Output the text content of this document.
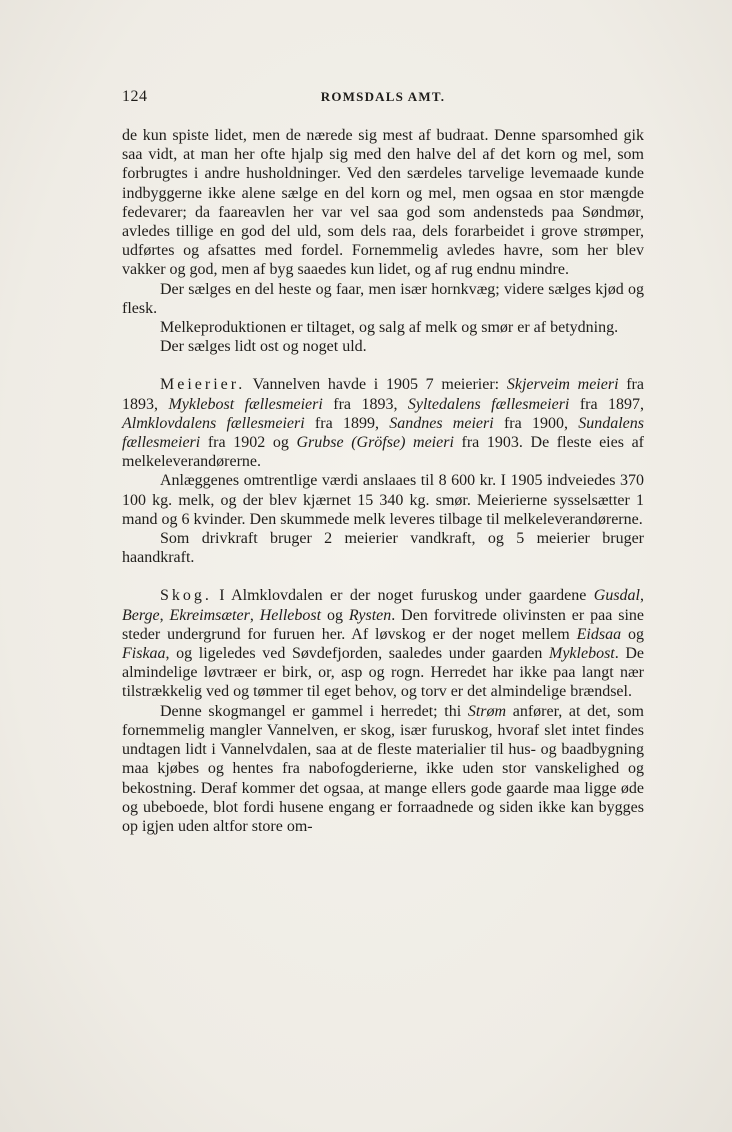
124	ROMSDALS AMT.

de kun spiste lidet, men de nærede sig mest af budraat. Denne sparsomhed gik saa vidt, at man her ofte hjalp sig med den halve del af det korn og mel, som forbrugtes i andre husholdninger. Ved den særdeles tarvelige levemaade kunde indbyggerne ikke alene sælge en del korn og mel, men ogsaa en stor mængde fedevarer; da faareavlen her var vel saa god som andensteds paa Søndmør, avledes tillige en god del uld, som dels raa, dels forarbeidet i grove strømper, udførtes og afsattes med fordel. Fornemmelig avledes havre, som her blev vakker og god, men af byg saaedes kun lidet, og af rug endnu mindre.

Der sælges en del heste og faar, men især hornkvæg; videre sælges kjød og flesk.

Melkeproduktionen er tiltaget, og salg af melk og smør er af betydning.

Der sælges lidt ost og noget uld.

Meierier. Vannelven havde i 1905 7 meierier: Skjerveim meieri fra 1893, Myklebost fællesmeieri fra 1893, Syltedalens fællesmeieri fra 1897, Almklovdalens fællesmeieri fra 1899, Sandnes meieri fra 1900, Sundalens fællesmeieri fra 1902 og Grubse (Gröfse) meieri fra 1903. De fleste eies af melkeleverandørerne.

Anlæggenes omtrentlige værdi anslaaes til 8 600 kr. I 1905 indveiedes 370 100 kg. melk, og der blev kjærnet 15 340 kg. smør. Meierierne sysselsætter 1 mand og 6 kvinder. Den skummede melk leveres tilbage til melkeleverandørerne.

Som drivkraft bruger 2 meierier vandkraft, og 5 meierier bruger haandkraft.

Skog. I Almklovdalen er der noget furuskog under gaardene Gusdal, Berge, Ekreimsæter, Hellebost og Rysten. Den forvitrede olivinsten er paa sine steder undergrund for furuen her. Af løvskog er der noget mellem Eidsaa og Fiskaa, og ligeledes ved Søvdefjorden, saaledes under gaarden Myklebost. De almindelige løvtræer er birk, or, asp og rogn. Herredet har ikke paa langt nær tilstrækkelig ved og tømmer til eget behov, og torv er det almindelige brændsel.

Denne skogmangel er gammel i herredet; thi Strøm anfører, at det, som fornemmelig mangler Vannelven, er skog, især furuskog, hvoraf slet intet findes undtagen lidt i Vannelvdalen, saa at de fleste materialier til hus- og baadbygning maa kjøbes og hentes fra nabofogderierne, ikke uden stor vanskelighed og bekostning. Deraf kommer det ogsaa, at mange ellers gode gaarde maa ligge øde og ubeboede, blot fordi husene engang er forraadnede og siden ikke kan bygges op igjen uden altfor store om-
